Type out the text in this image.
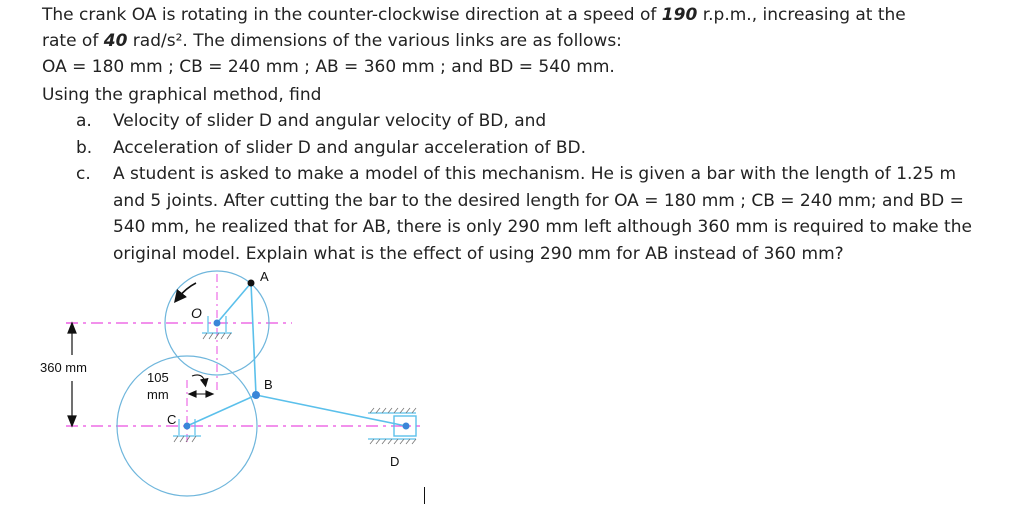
The crank OA is rotating in the counter-clockwise direction at a speed of 190 r.p.m., increasing at the
rate of 40 rad/s². The dimensions of the various links are as follows:
OA = 180 mm ; CB = 240 mm ; AB = 360 mm ; and BD = 540 mm.
Using the graphical method, find
a.	Velocity of slider D and angular velocity of BD, and
b.	Acceleration of slider D and angular acceleration of BD.
c.	A student is asked to make a model of this mechanism. He is given a bar with the length of 1.25 m and 5 joints. After cutting the bar to the desired length for OA = 180 mm ; CB = 240 mm; and BD = 540 mm, he realized that for AB, there is only 290 mm left although 360 mm is required to make the original model. Explain what is the effect of using 290 mm for AB instead of 360 mm?
A
O
B
C
D
360 mm
105
mm
